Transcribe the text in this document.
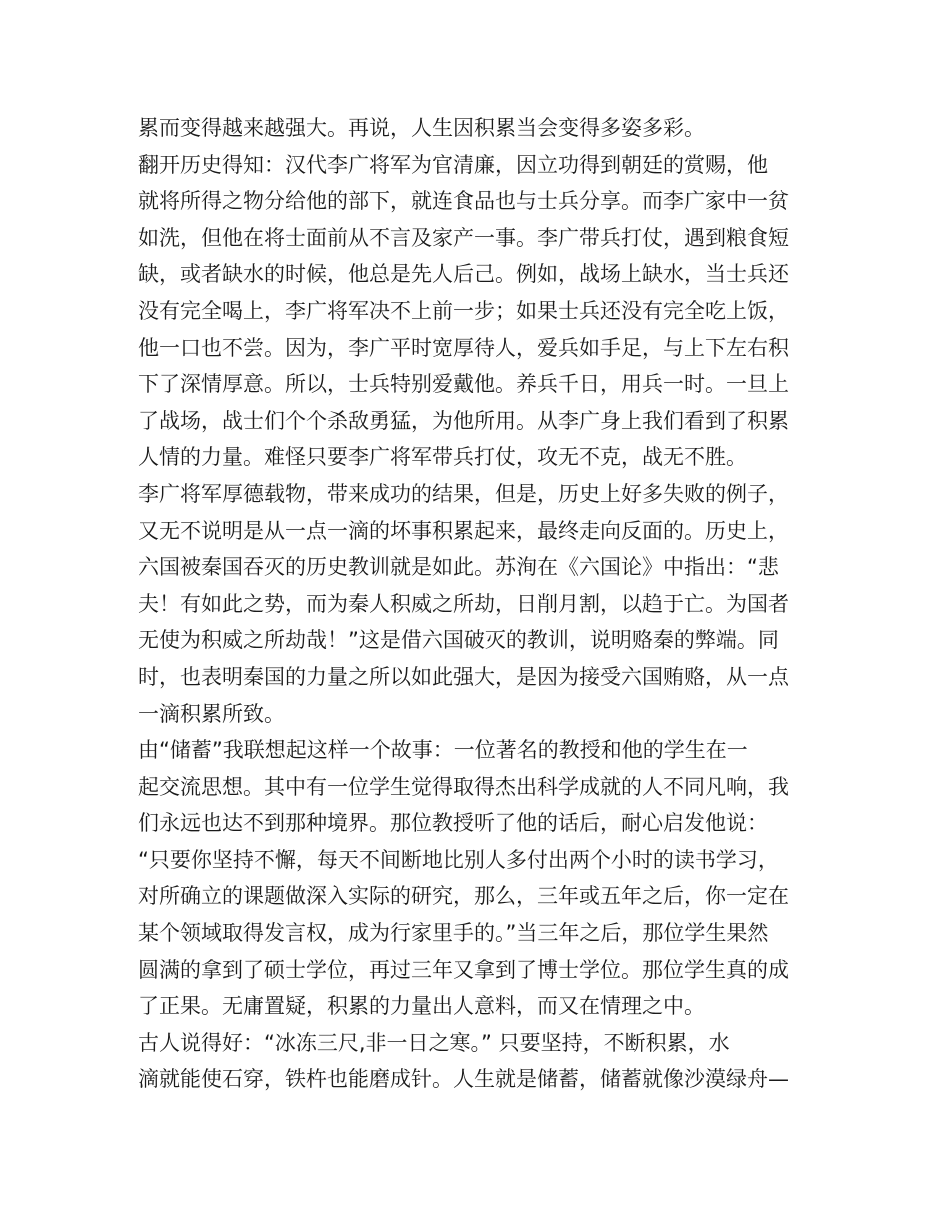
累而变得越来越强大。再说，人生因积累当会变得多姿多彩。
翻开历史得知：汉代李广将军为官清廉，因立功得到朝廷的赏赐，他
就将所得之物分给他的部下，就连食品也与士兵分享。而李广家中一贫
如洗，但他在将士面前从不言及家产一事。李广带兵打仗，遇到粮食短
缺，或者缺水的时候，他总是先人后己。例如，战场上缺水，当士兵还
没有完全喝上，李广将军决不上前一步；如果士兵还没有完全吃上饭，
他一口也不尝。因为，李广平时宽厚待人，爱兵如手足，与上下左右积
下了深情厚意。所以，士兵特别爱戴他。养兵千日，用兵一时。一旦上
了战场，战士们个个杀敌勇猛，为他所用。从李广身上我们看到了积累
人情的力量。难怪只要李广将军带兵打仗，攻无不克，战无不胜。
李广将军厚德载物，带来成功的结果，但是，历史上好多失败的例子，
又无不说明是从一点一滴的坏事积累起来，最终走向反面的。历史上，
六国被秦国吞灭的历史教训就是如此。苏洵在《六国论》中指出：“悲
夫！有如此之势，而为秦人积威之所劫，日削月割，以趋于亡。为国者
无使为积威之所劫哉！”这是借六国破灭的教训，说明赂秦的弊端。同
时，也表明秦国的力量之所以如此强大，是因为接受六国贿赂，从一点
一滴积累所致。
由“储蓄”我联想起这样一个故事：一位著名的教授和他的学生在一
起交流思想。其中有一位学生觉得取得杰出科学成就的人不同凡响，我
们永远也达不到那种境界。那位教授听了他的话后，耐心启发他说：
“只要你坚持不懈，每天不间断地比别人多付出两个小时的读书学习，
对所确立的课题做深入实际的研究，那么，三年或五年之后，你一定在
某个领域取得发言权，成为行家里手的。”当三年之后，那位学生果然
圆满的拿到了硕士学位，再过三年又拿到了博士学位。那位学生真的成
了正果。无庸置疑，积累的力量出人意料，而又在情理之中。
古人说得好：“冰冻三尺,非一日之寒。” 只要坚持，不断积累，水
滴就能使石穿，铁杵也能磨成针。人生就是储蓄，储蓄就像沙漠绿舟—
